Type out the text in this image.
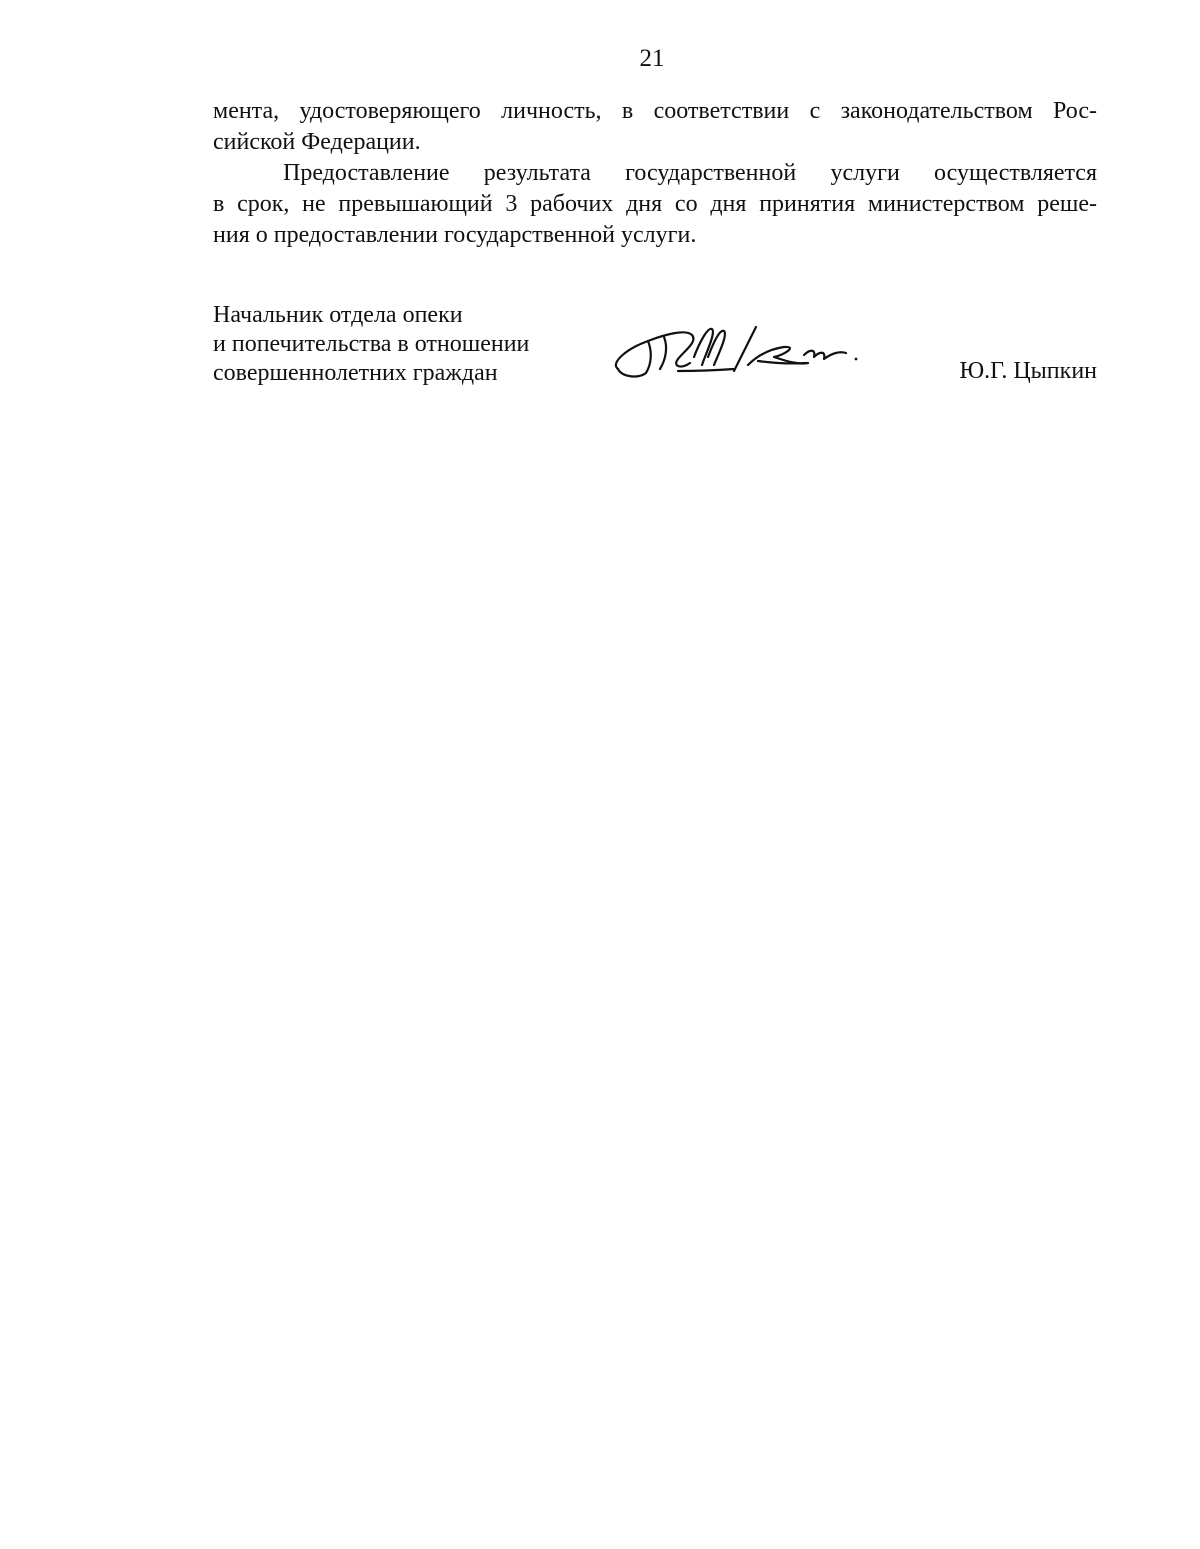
21
мента, удостоверяющего личность, в соответствии с законодательством Рос-
сийской Федерации.
Предоставление результата государственной услуги осуществляется
в срок, не превышающий 3 рабочих дня со дня принятия министерством реше-
ния о предоставлении государственной услуги.
Начальник отдела опеки
и попечительства в отношении
совершеннолетних граждан	Ю.Г. Цыпкин
